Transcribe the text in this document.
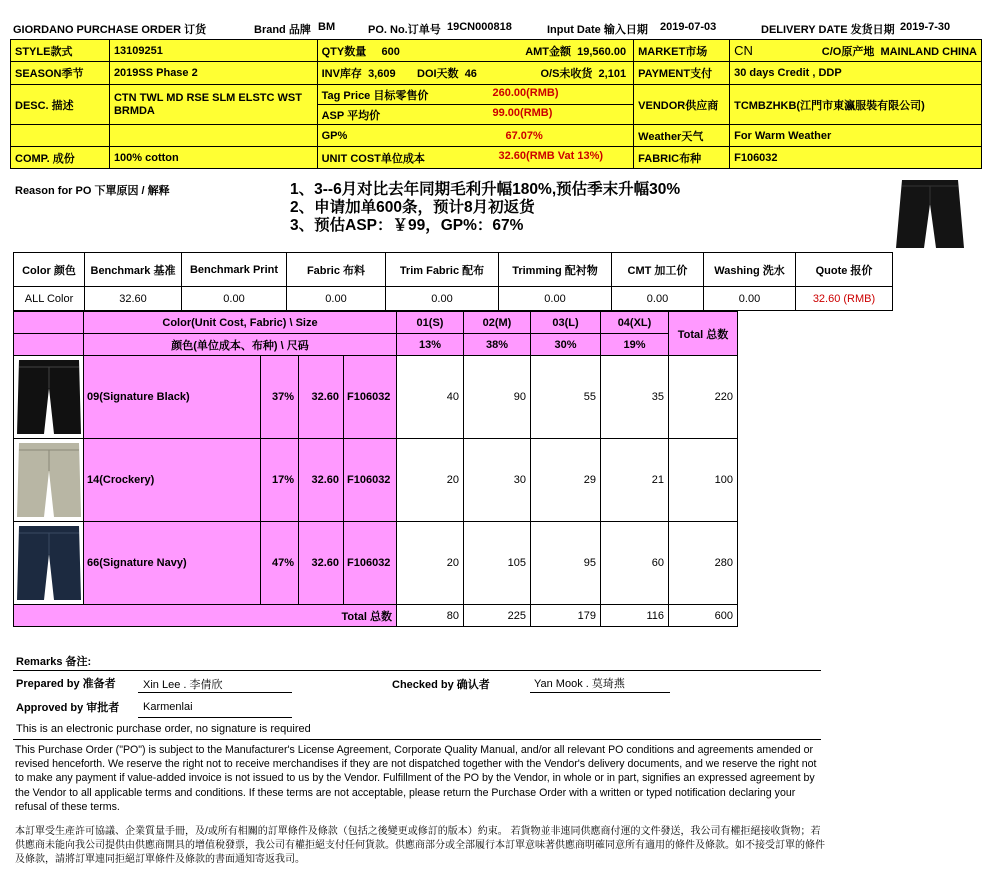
GIORDANO PURCHASE ORDER 订货	Brand 品牌 BM	PO. No.订单号 19CN000818	Input Date 输入日期 2019-07-03	DELIVERY DATE 发货日期 2019-7-30
STYLE款式	13109251	QTY数量 600 AMT金额 19,560.00	MARKET市场	CN C/O原产地 MAINLAND CHINA

SEASON季节	2019SS Phase 2	INV库存 3,609 DOI天数 46 O/S未收货 2,101	PAYMENT支付	30 days Credit , DDP
DESC. 描述	CTN TWL MD RSE SLM ELSTC WST BRMDA	Tag Price 目标零售价 260.00(RMB)	VENDOR供应商	TCMBZHKB(江門市東瀛服裝有限公司)
		ASP 平均价 99.00(RMB)		

		GP% 67.07%	Weather天气	For Warm Weather
COMP. 成份	100% cotton	UNIT COST单位成本 32.60(RMB Vat 13%)	FABRIC布种	F106032
Reason for PO 下單原因 / 解释	1、3--6月对比去年同期毛利升幅180%,预估季末升幅30%
2、申请加单600条，预计8月初返货
3、预估ASP：￥99，GP%：67%
Color 颜色	Benchmark 基准	Benchmark Print	Fabric 布料	Trim Fabric 配布	Trimming 配衬物	CMT 加工价	Washing 洗水	Quote 报价
ALL Color	32.60	0.00	0.00	0.00	0.00	0.00	0.00	32.60 (RMB)
	Color(Unit Cost, Fabric) \ Size				01(S)	02(M)	03(L)	04(XL)	Total 总数
	颜色(单位成本、布种) \ 尺码				13%	38%	30%	19%	

	09(Signature Black)	37%	32.60	F106032	40	90	55	35	220

	14(Crockery)	17%	32.60	F106032	20	30	29	21	100

	66(Signature Navy)	47%	32.60	F106032	20	105	95	60	280
Total 总数					80	225	179	116	600
Remarks 备注:
Prepared by 准备者 Xin Lee . 李倩欣	Checked by 确认者	Yan Mook . 莫琦燕
Approved by 审批者 Karmenlai
This is an electronic purchase order, no signature is required
This Purchase Order ("PO") is subject to the Manufacturer's License Agreement, Corporate Quality Manual, and/or all relevant PO conditions and agreements amended or revised henceforth. We reserve the right not to receive merchandises if they are not dispatched together with the Vendor's delivery documents, and we reserve the right not to make any payment if value-added invoice is not issued to us by the Vendor. Fulfillment of the PO by the Vendor, in whole or in part, signifies an expressed agreement by the Vendor to all applicable terms and conditions. If these terms are not acceptable, please return the Purchase Order with a written or typed notification declaring your refusal of these terms.
本訂單受生產許可協議、企業質量手冊，及/或所有相關的訂單條件及條款（包括之後變更或修訂的版本）約束。 若貨物並非連同供應商付運的文件發送，我公司有權拒絕接收貨物；若供應商未能向我公司提供由供應商開具的增值稅發票，我公司有權拒絕支付任何貨款。供應商部分或全部履行本訂單意味著供應商明確同意所有適用的條件及條款。如不接受訂單的條件及條款，請將訂單連同拒絕訂單條件及條款的書面通知寄返我司。
